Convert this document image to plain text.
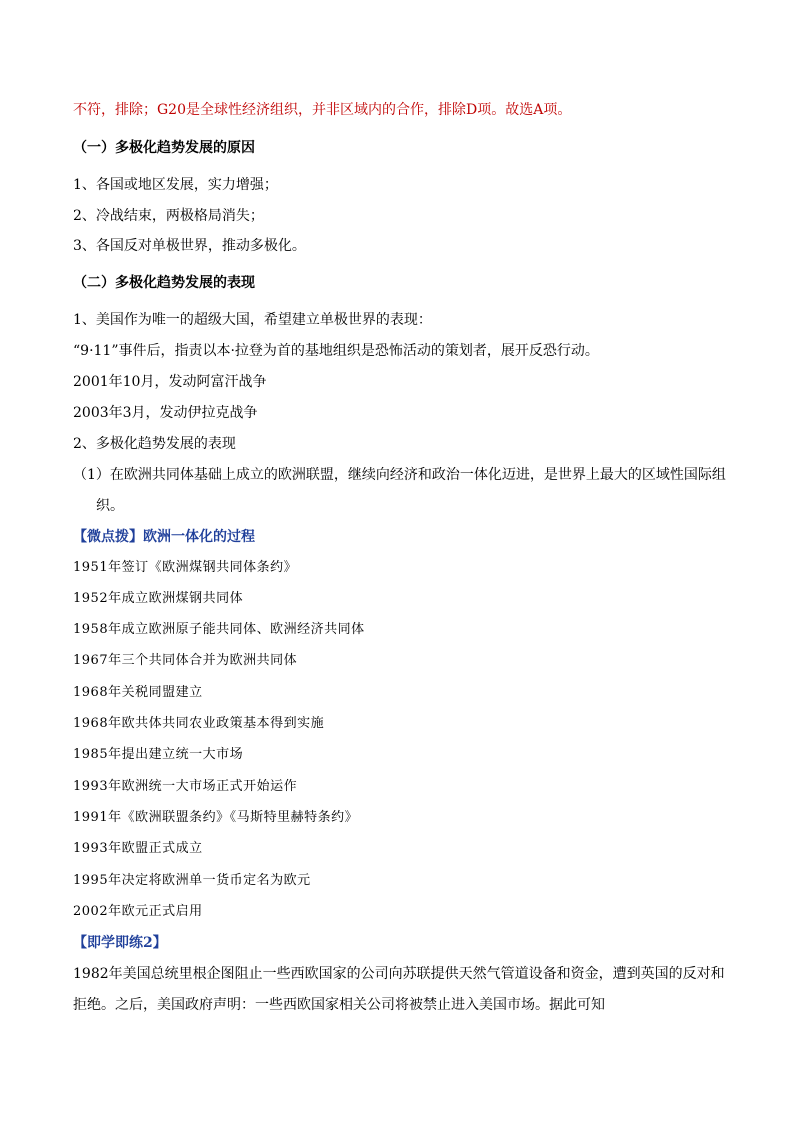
不符，排除；G20是全球性经济组织，并非区域内的合作，排除D项。故选A项。
（一）多极化趋势发展的原因
1、各国或地区发展，实力增强；
2、冷战结束，两极格局消失；
3、各国反对单极世界，推动多极化。
（二）多极化趋势发展的表现
1、美国作为唯一的超级大国，希望建立单极世界的表现：
“9·11”事件后，指责以本·拉登为首的基地组织是恐怖活动的策划者，展开反恐行动。
2001年10月，发动阿富汗战争
2003年3月，发动伊拉克战争
2、多极化趋势发展的表现
（1）在欧洲共同体基础上成立的欧洲联盟，继续向经济和政治一体化迈进，是世界上最大的区域性国际组
织。
【微点拨】欧洲一体化的过程
1951年签订《欧洲煤钢共同体条约》
1952年成立欧洲煤钢共同体
1958年成立欧洲原子能共同体、欧洲经济共同体
1967年三个共同体合并为欧洲共同体
1968年关税同盟建立
1968年欧共体共同农业政策基本得到实施
1985年提出建立统一大市场
1993年欧洲统一大市场正式开始运作
1991年《欧洲联盟条约》《马斯特里赫特条约》
1993年欧盟正式成立
1995年决定将欧洲单一货币定名为欧元
2002年欧元正式启用
【即学即练2】
1982年美国总统里根企图阻止一些西欧国家的公司向苏联提供天然气管道设备和资金，遭到英国的反对和
拒绝。之后，美国政府声明：一些西欧国家相关公司将被禁止进入美国市场。据此可知
